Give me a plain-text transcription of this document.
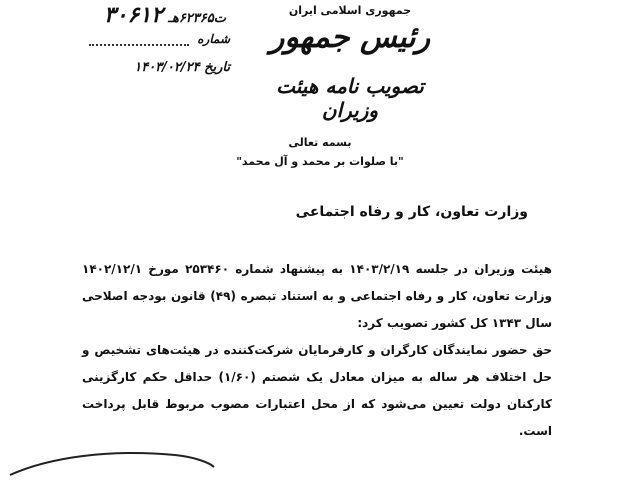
جمهوری اسلامی ایران
رئیس جمهور
تصویب نامه هیئت وزیران
ت۶۲۳۶۵هـ ۳۰۶۱۲
شماره
تاریخ ۱۴۰۳/۰۲/۲۴
بسمه تعالی
"با صلوات بر محمد و آل محمد"
وزارت تعاون، کار و رفاه اجتماعی

هیئت وزیران در جلسه ۱۴۰۳/۲/۱۹ به پیشنهاد شماره ۲۵۳۴۶۰ مورخ ۱۴۰۲/۱۲/۱ وزارت تعاون، کار و رفاه اجتماعی و به استناد تبصره (۴۹) قانون بودجه اصلاحی سال ۱۳۴۳ کل کشور تصویب کرد:

حق حضور نمایندگان کارگران و کارفرمایان شرکت‌کننده در هیئت‌های تشخیص و حل اختلاف هر ساله به میزان معادل یک شصتم (۱/۶۰) حداقل حکم کارگزینی کارکنان دولت تعیین می‌شود که از محل اعتبارات مصوب مربوط قابل پرداخت است.
